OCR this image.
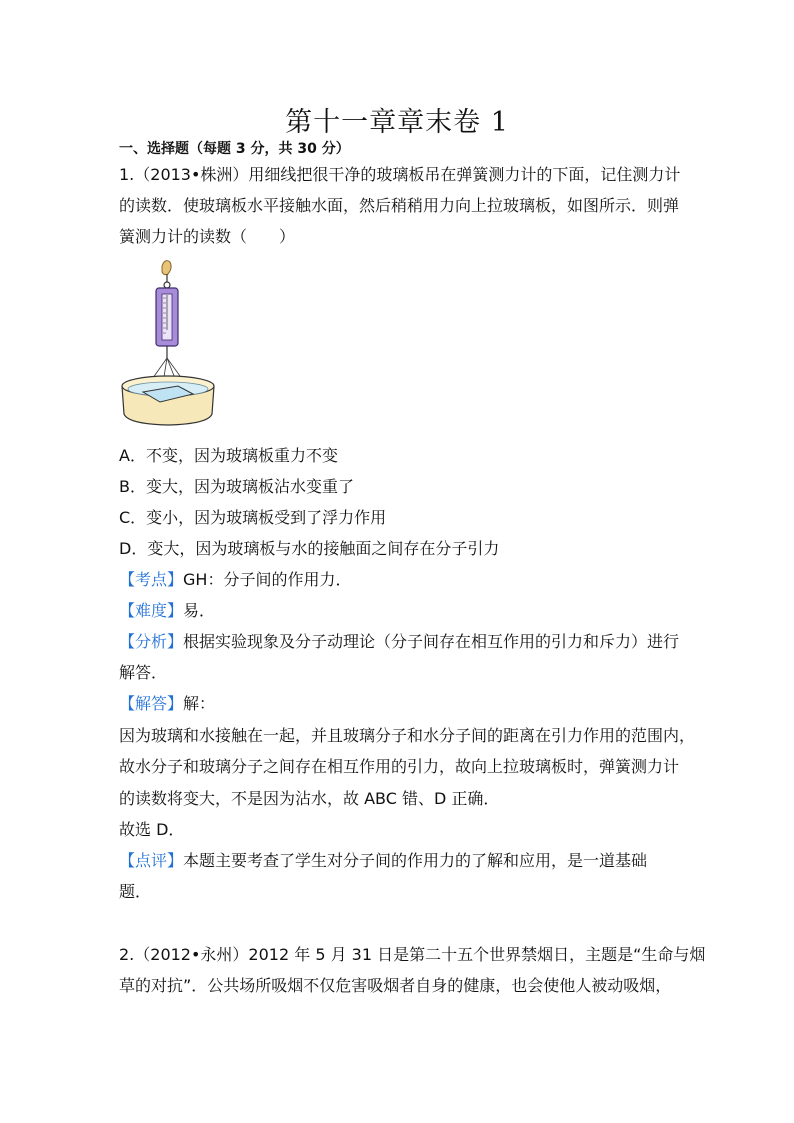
第十一章章末卷 1
一、选择题（每题 3 分，共 30 分）
1.（2013•株洲）用细线把很干净的玻璃板吊在弹簧测力计的下面，记住测力计
的读数．使玻璃板水平接触水面，然后稍稍用力向上拉玻璃板，如图所示．则弹
簧测力计的读数（　　）
A．不变，因为玻璃板重力不变
B．变大，因为玻璃板沾水变重了
C．变小，因为玻璃板受到了浮力作用
D．变大，因为玻璃板与水的接触面之间存在分子引力
【考点】GH：分子间的作用力．
【难度】易．
【分析】根据实验现象及分子动理论（分子间存在相互作用的引力和斥力）进行
解答．
【解答】解：
因为玻璃和水接触在一起，并且玻璃分子和水分子间的距离在引力作用的范围内，
故水分子和玻璃分子之间存在相互作用的引力，故向上拉玻璃板时，弹簧测力计
的读数将变大，不是因为沾水，故 ABC 错、D 正确．
故选 D．
【点评】本题主要考查了学生对分子间的作用力的了解和应用，是一道基础
题．
2.（2012•永州）2012 年 5 月 31 日是第二十五个世界禁烟日，主题是“生命与烟
草的对抗”．公共场所吸烟不仅危害吸烟者自身的健康，也会使他人被动吸烟，
